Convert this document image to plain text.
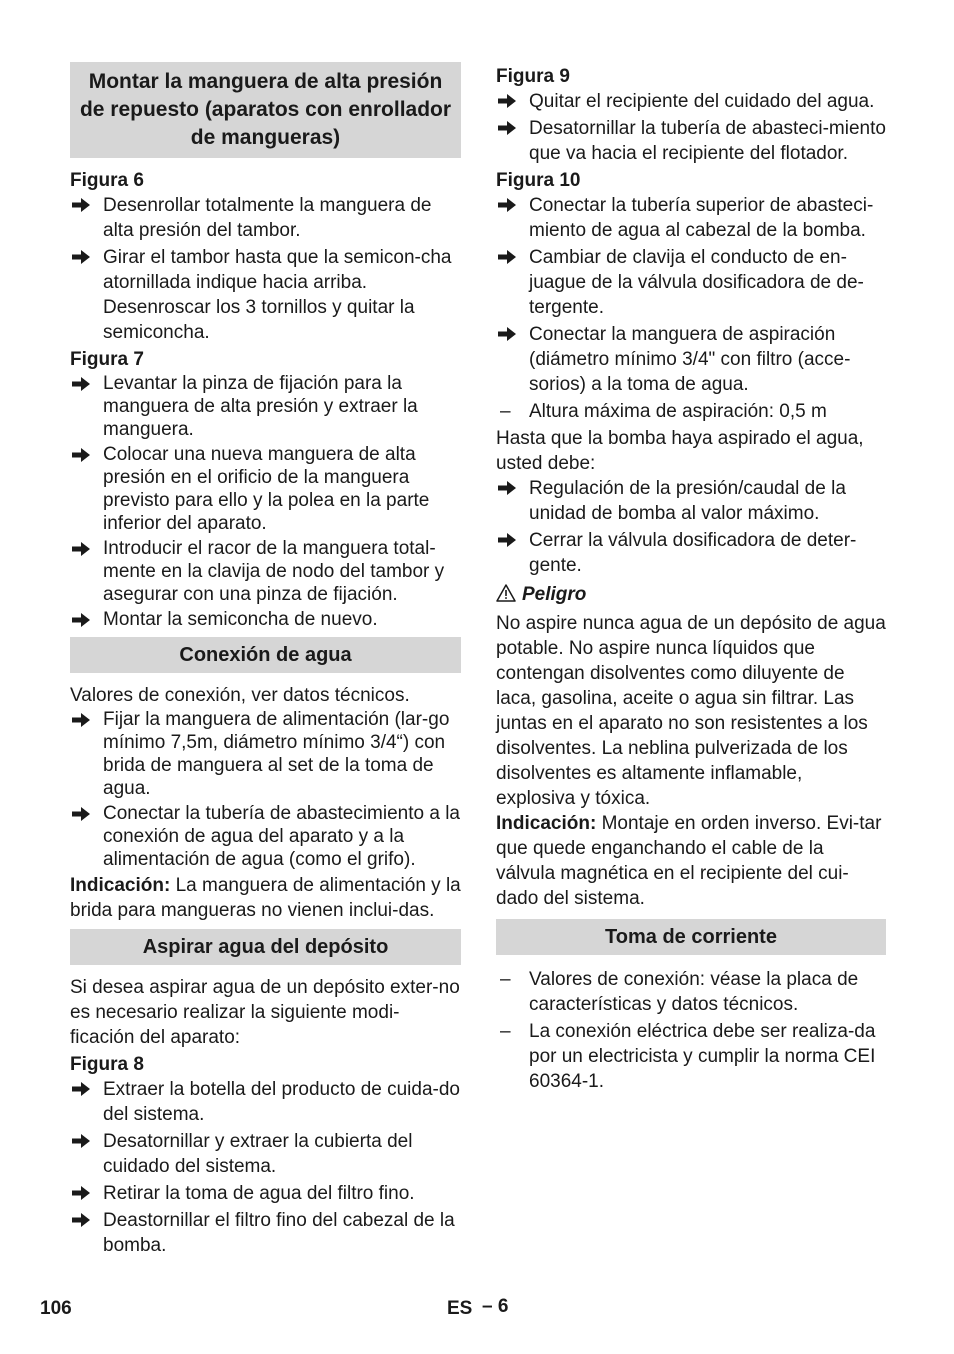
Montar la manguera de alta presión de repuesto (aparatos con enrollador de mangueras)
Figura 6
Desenrollar totalmente la manguera de alta presión del tambor.
Girar el tambor hasta que la semicon-cha atornillada indique hacia arriba. Desenroscar los 3 tornillos y quitar la semiconcha.
Figura 7
Levantar la pinza de fijación para la manguera de alta presión y extraer la manguera.
Colocar una nueva manguera de alta presión en el orificio de la manguera previsto para ello y la polea en la parte inferior del aparato.
Introducir el racor de la manguera total-mente en la clavija de nodo del tambor y asegurar con una pinza de fijación.
Montar la semiconcha de nuevo.
Conexión de agua
Valores de conexión, ver datos técnicos.
Fijar la manguera de alimentación (lar-go mínimo 7,5m, diámetro mínimo 3/4“) con brida de manguera al set de la toma de agua.
Conectar la tubería de abastecimiento a la conexión de agua del aparato y a la alimentación de agua (como el grifo).
Indicación: La manguera de alimentación y la brida para mangueras no vienen inclui-das.
Aspirar agua del depósito
Si desea aspirar agua de un depósito exter-no es necesario realizar la siguiente modi-ficación del aparato:
Figura 8
Extraer la botella del producto de cuida-do del sistema.
Desatornillar y extraer la cubierta del cuidado del sistema.
Retirar la toma de agua del filtro fino.
Deastornillar el filtro fino del cabezal de la bomba.
Figura 9
Quitar el recipiente del cuidado del agua.
Desatornillar la tubería de abasteci-miento que va hacia el recipiente del flotador.
Figura 10
Conectar la tubería superior de abasteci-miento de agua al cabezal de la bomba.
Cambiar de clavija el conducto de en-juague de la válvula dosificadora de de-tergente.
Conectar la manguera de aspiración (diámetro mínimo 3/4" con filtro (acce-sorios) a la toma de agua.
– Altura máxima de aspiración: 0,5 m
Hasta que la bomba haya aspirado el agua, usted debe:
Regulación de la presión/caudal de la unidad de bomba al valor máximo.
Cerrar la válvula dosificadora de deter-gente.
Peligro
No aspire nunca agua de un depósito de agua potable. No aspire nunca líquidos que contengan disolventes como diluyente de laca, gasolina, aceite o agua sin filtrar. Las juntas en el aparato no son resistentes a los disolventes. La neblina pulverizada de los disolventes es altamente inflamable, explosiva y tóxica.
Indicación: Montaje en orden inverso. Evi-tar que quede enganchando el cable de la válvula magnética en el recipiente del cui-dado del sistema.
Toma de corriente
– Valores de conexión: véase la placa de características y datos técnicos.
– La conexión eléctrica debe ser realiza-da por un electricista y cumplir la norma CEI 60364-1.
106	ES – 6
